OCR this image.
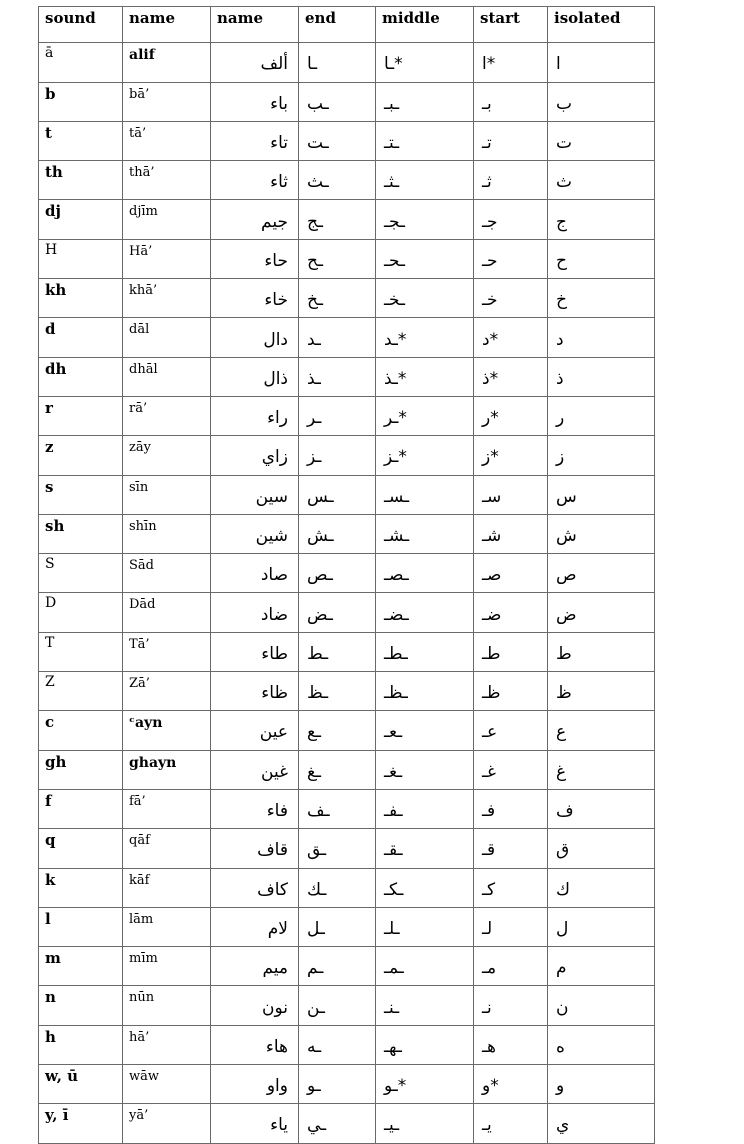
sound	name	name	end	middle	start	isolated
ā	alif	ألف	ـا	ـا*	ا*	ا
b	bā’	باء	ـب	ـبـ	بـ	ب
t	tā’	تاء	ـت	ـتـ	تـ	ت
th	thā’	ثاء	ـث	ـثـ	ثـ	ث
dj	djīm	جيم	ـج	ـجـ	جـ	ج
H	Hā’	حاء	ـح	ـحـ	حـ	ح
kh	khā’	خاء	ـخ	ـخـ	خـ	خ
d	dāl	دال	ـد	ـد*	د*	د
dh	dhāl	ذال	ـذ	ـذ*	ذ*	ذ
r	rā’	راء	ـر	ـر*	ر*	ر
z	zāy	زاي	ـز	ـز*	ز*	ز
s	sīn	سين	ـس	ـسـ	سـ	س
sh	shīn	شين	ـش	ـشـ	شـ	ش
S	Sād	صاد	ـص	ـصـ	صـ	ص
D	Dād	ضاد	ـض	ـضـ	ضـ	ض
T	Tā’	طاء	ـط	ـطـ	طـ	ط
Z	Zā’	ظاء	ـظ	ـظـ	ظـ	ظ
c	ᶜayn	عين	ـع	ـعـ	عـ	ع
gh	ghayn	غين	ـغ	ـغـ	غـ	غ
f	fā’	فاء	ـف	ـفـ	فـ	ف
q	qāf	قاف	ـق	ـقـ	قـ	ق
k	kāf	كاف	ـك	ـكـ	كـ	ك
l	lām	لام	ـل	ـلـ	لـ	ل
m	mīm	ميم	ـم	ـمـ	مـ	م
n	nūn	نون	ـن	ـنـ	نـ	ن
h	hā’	هاء	ـه	ـهـ	هـ	ه
w, ū	wāw	واو	ـو	ـو*	و*	و
y, ī	yā’	ياء	ـي	ـيـ	يـ	ي
